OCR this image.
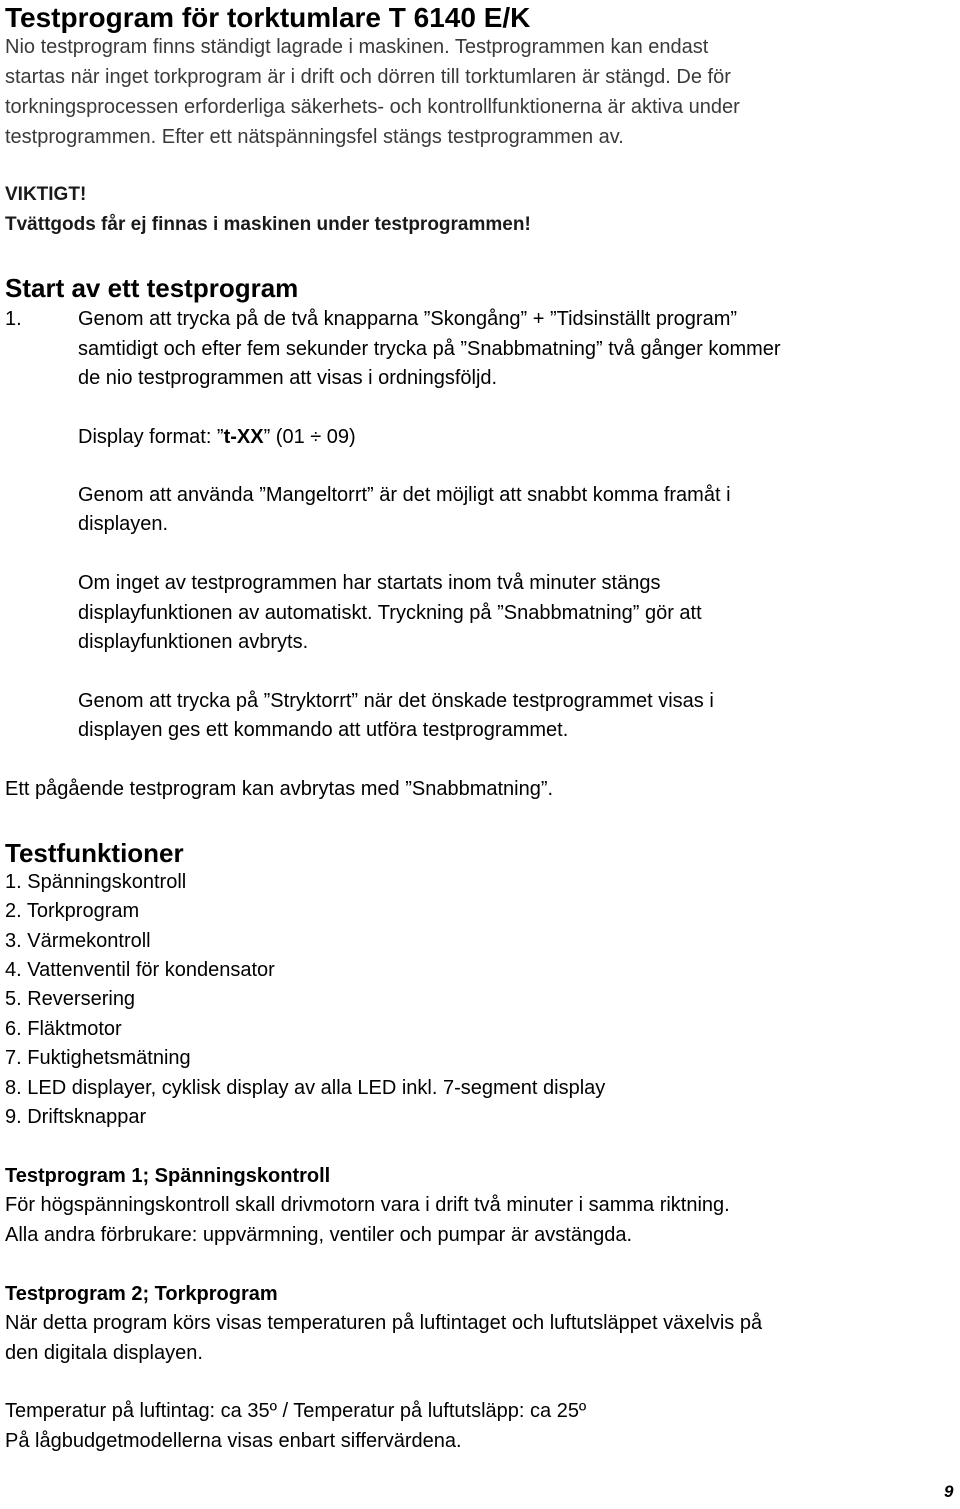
Testprogram för torktumlare T 6140 E/K
Nio testprogram finns ständigt lagrade i maskinen. Testprogrammen kan endast
startas när inget torkprogram är i drift och dörren till torktumlaren är stängd. De för
torkningsprocessen erforderliga säkerhets- och kontrollfunktionerna är aktiva under
testprogrammen. Efter ett nätspänningsfel stängs testprogrammen av.
VIKTIGT!
Tvättgods får ej finnas i maskinen under testprogrammen!
Start av ett testprogram
1.	Genom att trycka på de två knapparna ”Skongång” + ”Tidsinställt program”
samtidigt och efter fem sekunder trycka på ”Snabbmatning” två gånger kommer
de nio testprogrammen att visas i ordningsföljd.
Display format: ”t-XX” (01 ÷ 09)
Genom att använda ”Mangeltorrt” är det möjligt att snabbt komma framåt i
displayen.
Om inget av testprogrammen har startats inom två minuter stängs
displayfunktionen av automatiskt. Tryckning på ”Snabbmatning” gör att
displayfunktionen avbryts.
Genom att trycka på ”Stryktorrt” när det önskade testprogrammet visas i
displayen ges ett kommando att utföra testprogrammet.
Ett pågående testprogram kan avbrytas med ”Snabbmatning”.
Testfunktioner
1. Spänningskontroll
2. Torkprogram
3. Värmekontroll
4. Vattenventil för kondensator
5. Reversering
6. Fläktmotor
7. Fuktighetsmätning
8. LED displayer, cyklisk display av alla LED inkl. 7-segment display
9. Driftsknappar
Testprogram 1; Spänningskontroll
För högspänningskontroll skall drivmotorn vara i drift två minuter i samma riktning.
Alla andra förbrukare: uppvärmning, ventiler och pumpar är avstängda.
Testprogram 2; Torkprogram
När detta program körs visas temperaturen på luftintaget och luftutsläppet växelvis på
den digitala displayen.
Temperatur på luftintag: ca 35º / Temperatur på luftutsläpp: ca 25º
På lågbudgetmodellerna visas enbart siffervärdena.
9
